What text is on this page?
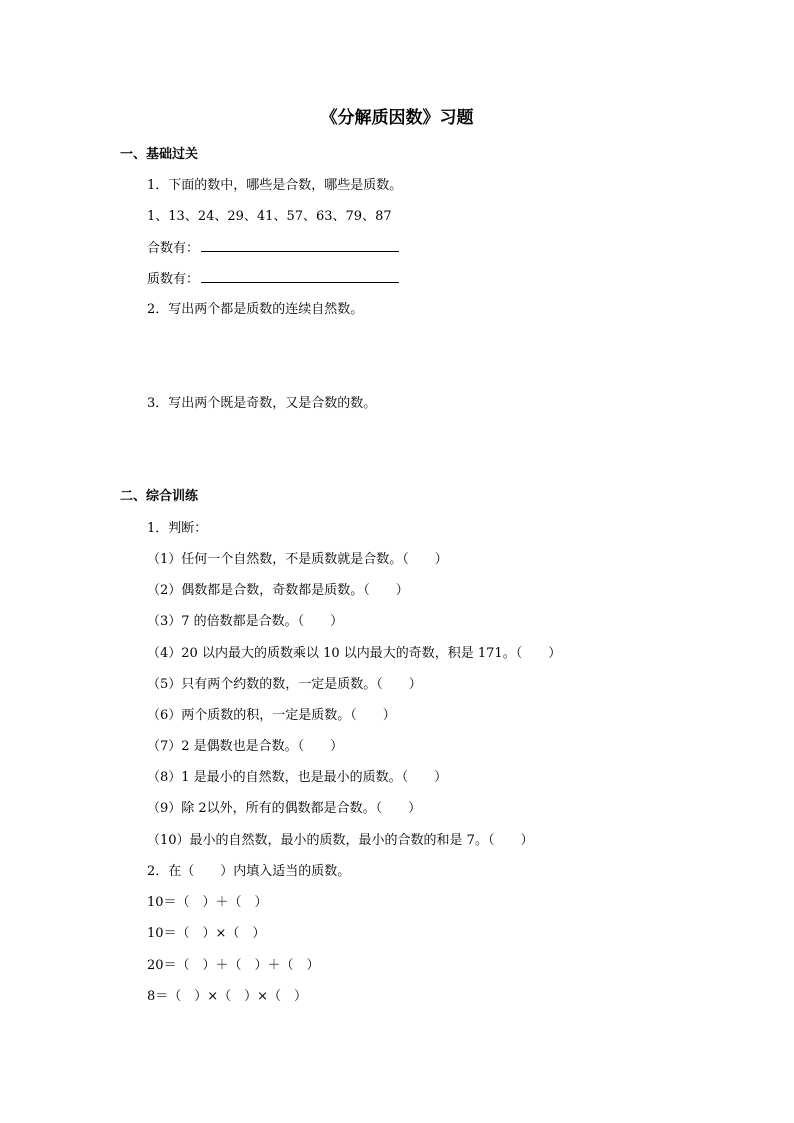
《分解质因数》习题
一、基础过关
1．下面的数中，哪些是合数，哪些是质数。
1、13、24、29、41、57、63、79、87
合数有：
质数有：
2．写出两个都是质数的连续自然数。
3．写出两个既是奇数，又是合数的数。
二、综合训练
1．判断：
（1）任何一个自然数，不是质数就是合数。（　　）
（2）偶数都是合数，奇数都是质数。（　　）
（3）7 的倍数都是合数。（　　）
（4）20 以内最大的质数乘以 10 以内最大的奇数，积是 171。（　　）
（5）只有两个约数的数，一定是质数。（　　）
（6）两个质数的积，一定是质数。（　　）
（7）2 是偶数也是合数。（　　）
（8）1 是最小的自然数，也是最小的质数。（　　）
（9）除 2以外，所有的偶数都是合数。（　　）
（10）最小的自然数，最小的质数，最小的合数的和是 7。（　　）
2．在（　　）内填入适当的质数。
10＝（　）＋（　）
10＝（　）×（　）
20＝（　）＋（　）＋（　）
8＝（　）×（　）×（　）
